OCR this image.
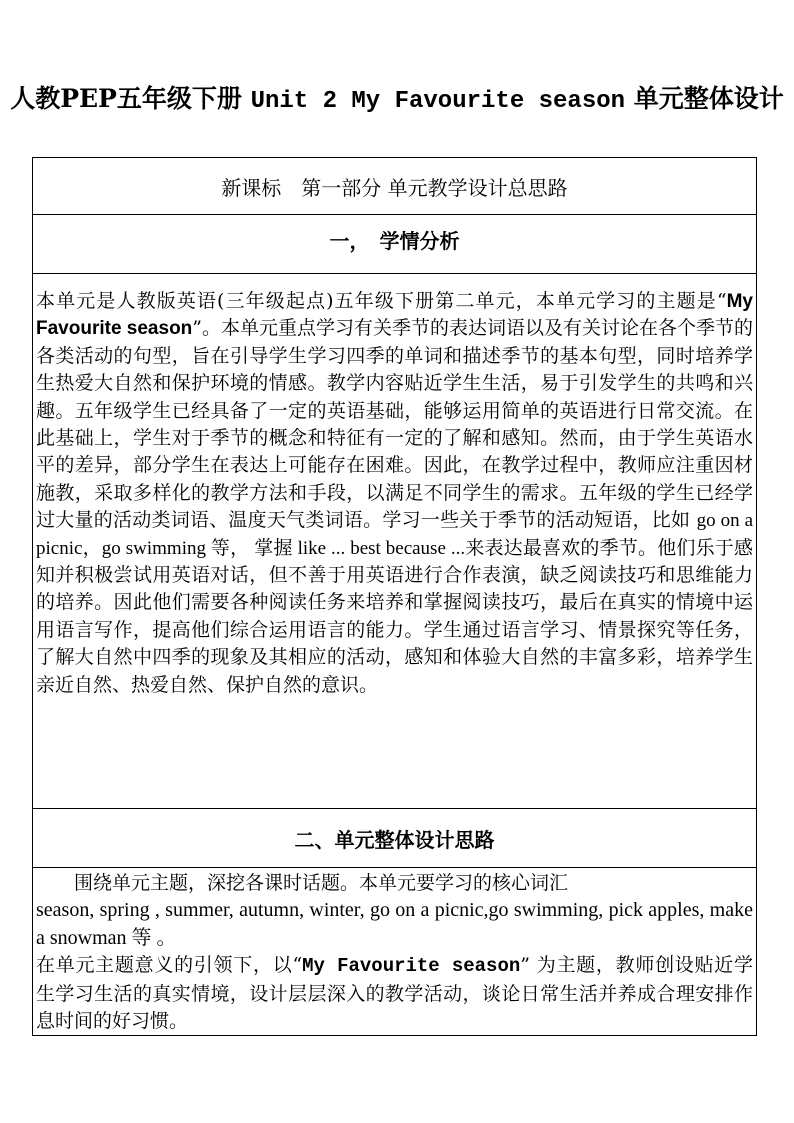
人教PEP五年级下册 Unit 2 My Favourite season 单元整体设计
新课标　第一部分 单元教学设计总思路

一，　学情分析

本单元是人教版英语(三年级起点)五年级下册第二单元，本单元学习的主题是“My Favourite season”。本单元重点学习有关季节的表达词语以及有关讨论在各个季节的各类活动的句型，旨在引导学生学习四季的单词和描述季节的基本句型，同时培养学生热爱大自然和保护环境的情感。教学内容贴近学生生活，易于引发学生的共鸣和兴趣。五年级学生已经具备了一定的英语基础，能够运用简单的英语进行日常交流。在此基础上，学生对于季节的概念和特征有一定的了解和感知。然而，由于学生英语水平的差异，部分学生在表达上可能存在困难。因此，在教学过程中，教师应注重因材施教，采取多样化的教学方法和手段，以满足不同学生的需求。五年级的学生已经学过大量的活动类词语、温度天气类词语。学习一些关于季节的活动短语，比如 go on a picnic，go swimming 等， 掌握 like ... best because ...来表达最喜欢的季节。他们乐于感知并积极尝试用英语对话，但不善于用英语进行合作表演，缺乏阅读技巧和思维能力的培养。因此他们需要各种阅读任务来培养和掌握阅读技巧，最后在真实的情境中运用语言写作，提高他们综合运用语言的能力。学生通过语言学习、情景探究等任务，了解大自然中四季的现象及其相应的活动，感知和体验大自然的丰富多彩，培养学生亲近自然、热爱自然、保护自然的意识。

二、单元整体设计思路

围绕单元主题，深挖各课时话题。本单元要学习的核心词汇

season, spring , summer, autumn, winter, go on a picnic,go swimming, pick apples, make a snowman 等 。

在单元主题意义的引领下，以“My Favourite season” 为主题，教师创设贴近学生学习生活的真实情境，设计层层深入的教学活动，谈论日常生活并养成合理安排作息时间的好习惯。
